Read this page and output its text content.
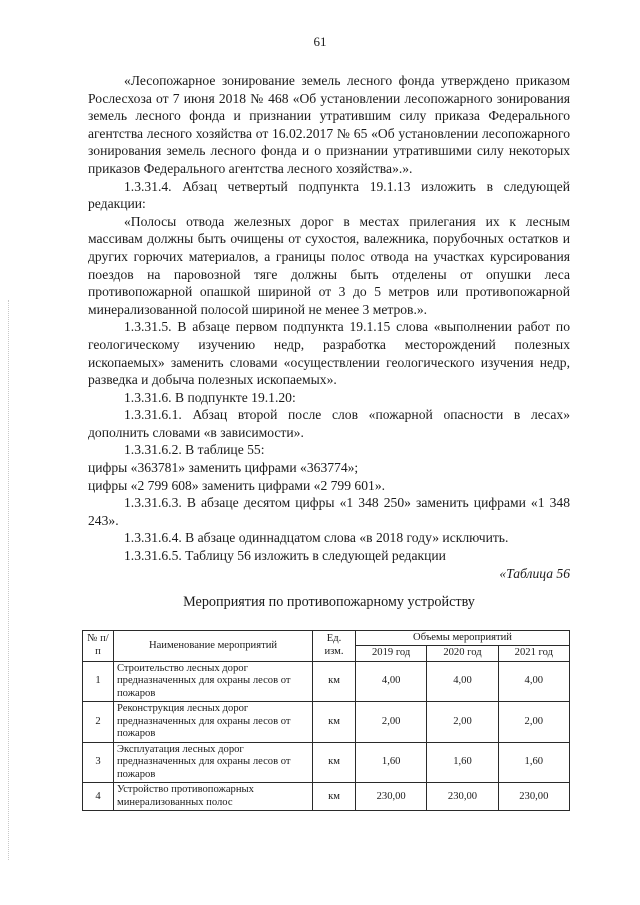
61

«Лесопожарное зонирование земель лесного фонда утверждено приказом Рослесхоза от 7 июня 2018 № 468 «Об установлении лесопожарного зонирования земель лесного фонда и признании утратившим силу приказа Федерального агентства лесного хозяйства от 16.02.2017 № 65 «Об установлении лесопожарного зонирования земель лесного фонда и о признании утратившими силу некоторых приказов Федерального агентства лесного хозяйства».».

1.3.31.4. Абзац четвертый подпункта 19.1.13 изложить в следующей редакции:

«Полосы отвода железных дорог в местах прилегания их к лесным массивам должны быть очищены от сухостоя, валежника, порубочных остатков и других горючих материалов, а границы полос отвода на участках курсирования поездов на паровозной тяге должны быть отделены от опушки леса противопожарной опашкой шириной от 3 до 5 метров или противопожарной минерализованной полосой шириной не менее 3 метров.».

1.3.31.5. В абзаце первом подпункта 19.1.15 слова «выполнении работ по геологическому изучению недр, разработка месторождений полезных ископаемых» заменить словами «осуществлении геологического изучения недр, разведка и добыча полезных ископаемых».

1.3.31.6. В подпункте 19.1.20:

1.3.31.6.1. Абзац второй после слов «пожарной опасности в лесах» дополнить словами «в зависимости».

1.3.31.6.2. В таблице 55:

цифры «363781» заменить цифрами «363774»;

цифры «2 799 608» заменить цифрами «2 799 601».

1.3.31.6.3. В абзаце десятом цифры «1 348 250» заменить цифрами «1 348 243».

1.3.31.6.4. В абзаце одиннадцатом слова «в 2018 году» исключить.

1.3.31.6.5. Таблицу 56 изложить в следующей редакции

«Таблица 56

Мероприятия по противопожарному устройству

№ п/п	Наименование мероприятий	Ед. изм.	Объемы мероприятий		
			2019 год	2020 год	2021 год
1	Строительство лесных дорог предназначенных для охраны лесов от пожаров	км	4,00	4,00	4,00
2	Реконструкция лесных дорог предназначенных для охраны лесов от пожаров	км	2,00	2,00	2,00
3	Эксплуатация лесных дорог предназначенных для охраны лесов от пожаров	км	1,60	1,60	1,60
4	Устройство противопожарных минерализованных полос	км	230,00	230,00	230,00
